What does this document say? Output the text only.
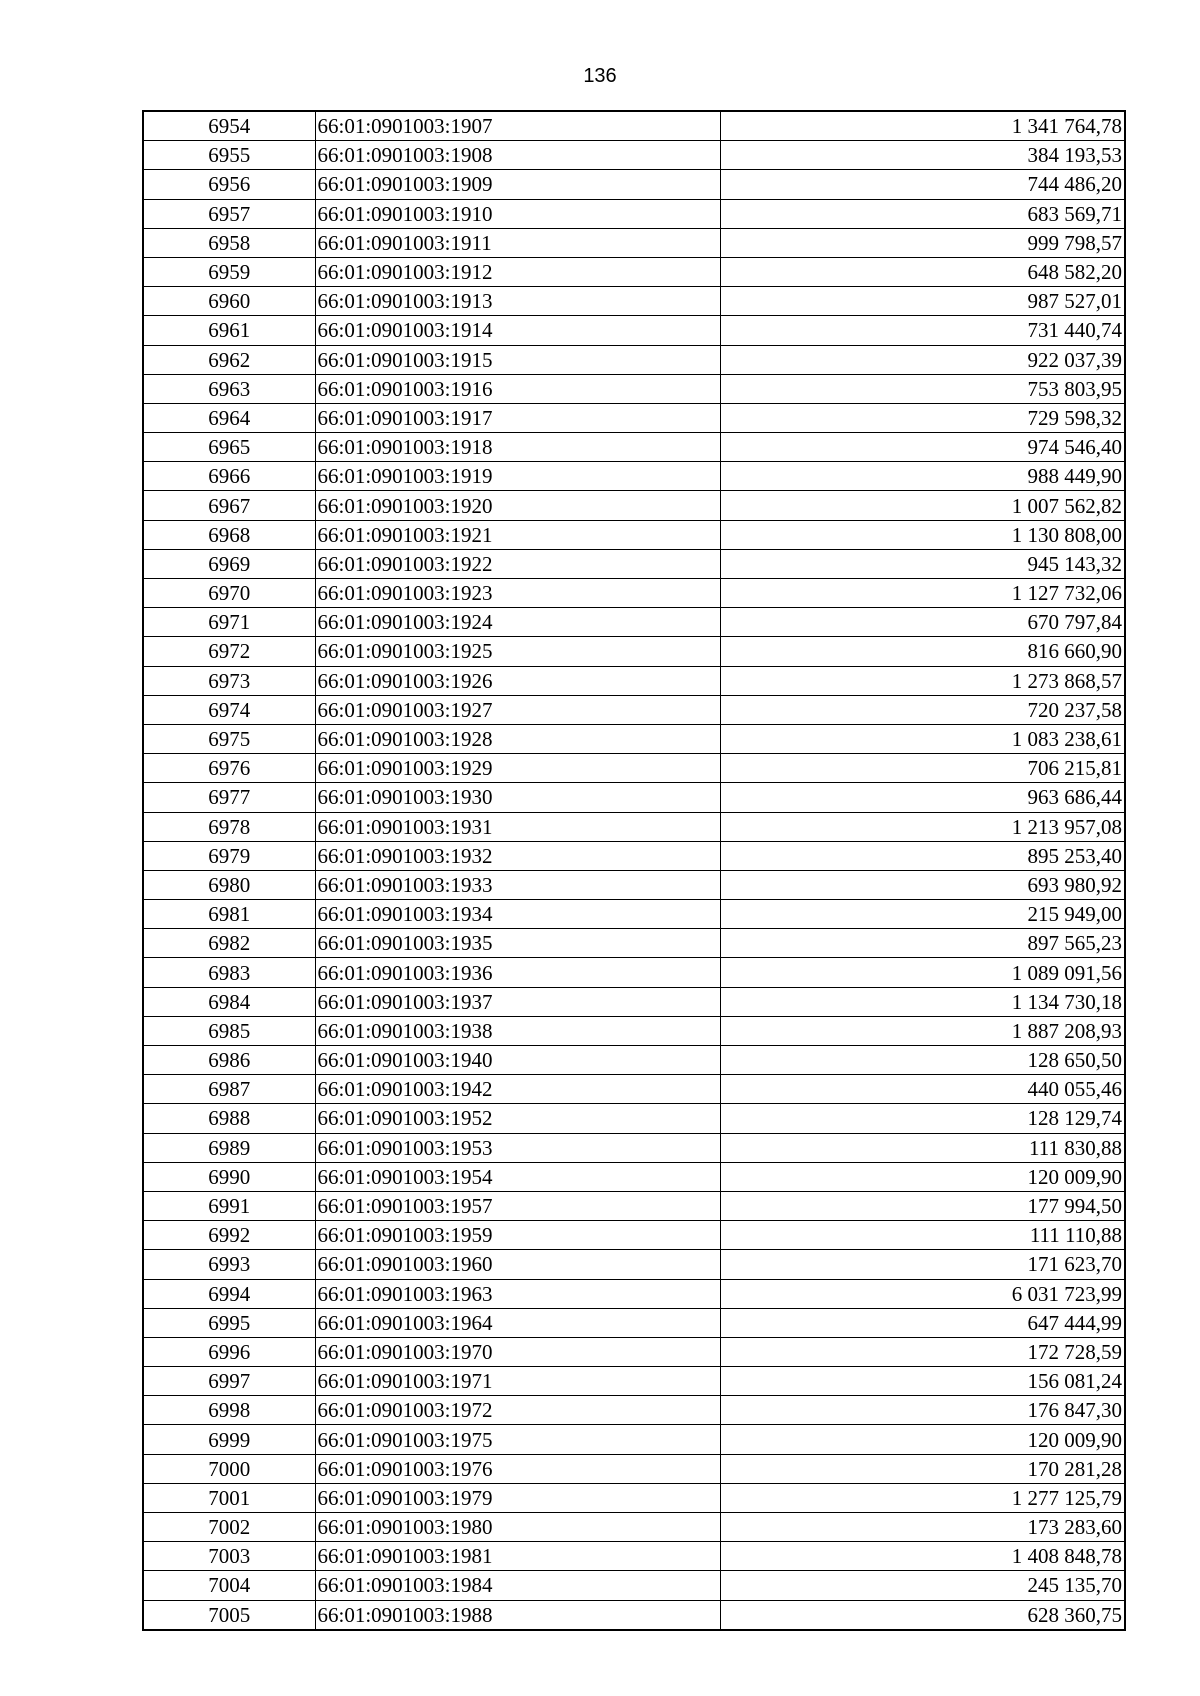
136
6954	66:01:0901003:1907	1 341 764,78
6955	66:01:0901003:1908	384 193,53
6956	66:01:0901003:1909	744 486,20
6957	66:01:0901003:1910	683 569,71
6958	66:01:0901003:1911	999 798,57
6959	66:01:0901003:1912	648 582,20
6960	66:01:0901003:1913	987 527,01
6961	66:01:0901003:1914	731 440,74
6962	66:01:0901003:1915	922 037,39
6963	66:01:0901003:1916	753 803,95
6964	66:01:0901003:1917	729 598,32
6965	66:01:0901003:1918	974 546,40
6966	66:01:0901003:1919	988 449,90
6967	66:01:0901003:1920	1 007 562,82
6968	66:01:0901003:1921	1 130 808,00
6969	66:01:0901003:1922	945 143,32
6970	66:01:0901003:1923	1 127 732,06
6971	66:01:0901003:1924	670 797,84
6972	66:01:0901003:1925	816 660,90
6973	66:01:0901003:1926	1 273 868,57
6974	66:01:0901003:1927	720 237,58
6975	66:01:0901003:1928	1 083 238,61
6976	66:01:0901003:1929	706 215,81
6977	66:01:0901003:1930	963 686,44
6978	66:01:0901003:1931	1 213 957,08
6979	66:01:0901003:1932	895 253,40
6980	66:01:0901003:1933	693 980,92
6981	66:01:0901003:1934	215 949,00
6982	66:01:0901003:1935	897 565,23
6983	66:01:0901003:1936	1 089 091,56
6984	66:01:0901003:1937	1 134 730,18
6985	66:01:0901003:1938	1 887 208,93
6986	66:01:0901003:1940	128 650,50
6987	66:01:0901003:1942	440 055,46
6988	66:01:0901003:1952	128 129,74
6989	66:01:0901003:1953	111 830,88
6990	66:01:0901003:1954	120 009,90
6991	66:01:0901003:1957	177 994,50
6992	66:01:0901003:1959	111 110,88
6993	66:01:0901003:1960	171 623,70
6994	66:01:0901003:1963	6 031 723,99
6995	66:01:0901003:1964	647 444,99
6996	66:01:0901003:1970	172 728,59
6997	66:01:0901003:1971	156 081,24
6998	66:01:0901003:1972	176 847,30
6999	66:01:0901003:1975	120 009,90
7000	66:01:0901003:1976	170 281,28
7001	66:01:0901003:1979	1 277 125,79
7002	66:01:0901003:1980	173 283,60
7003	66:01:0901003:1981	1 408 848,78
7004	66:01:0901003:1984	245 135,70
7005	66:01:0901003:1988	628 360,75
